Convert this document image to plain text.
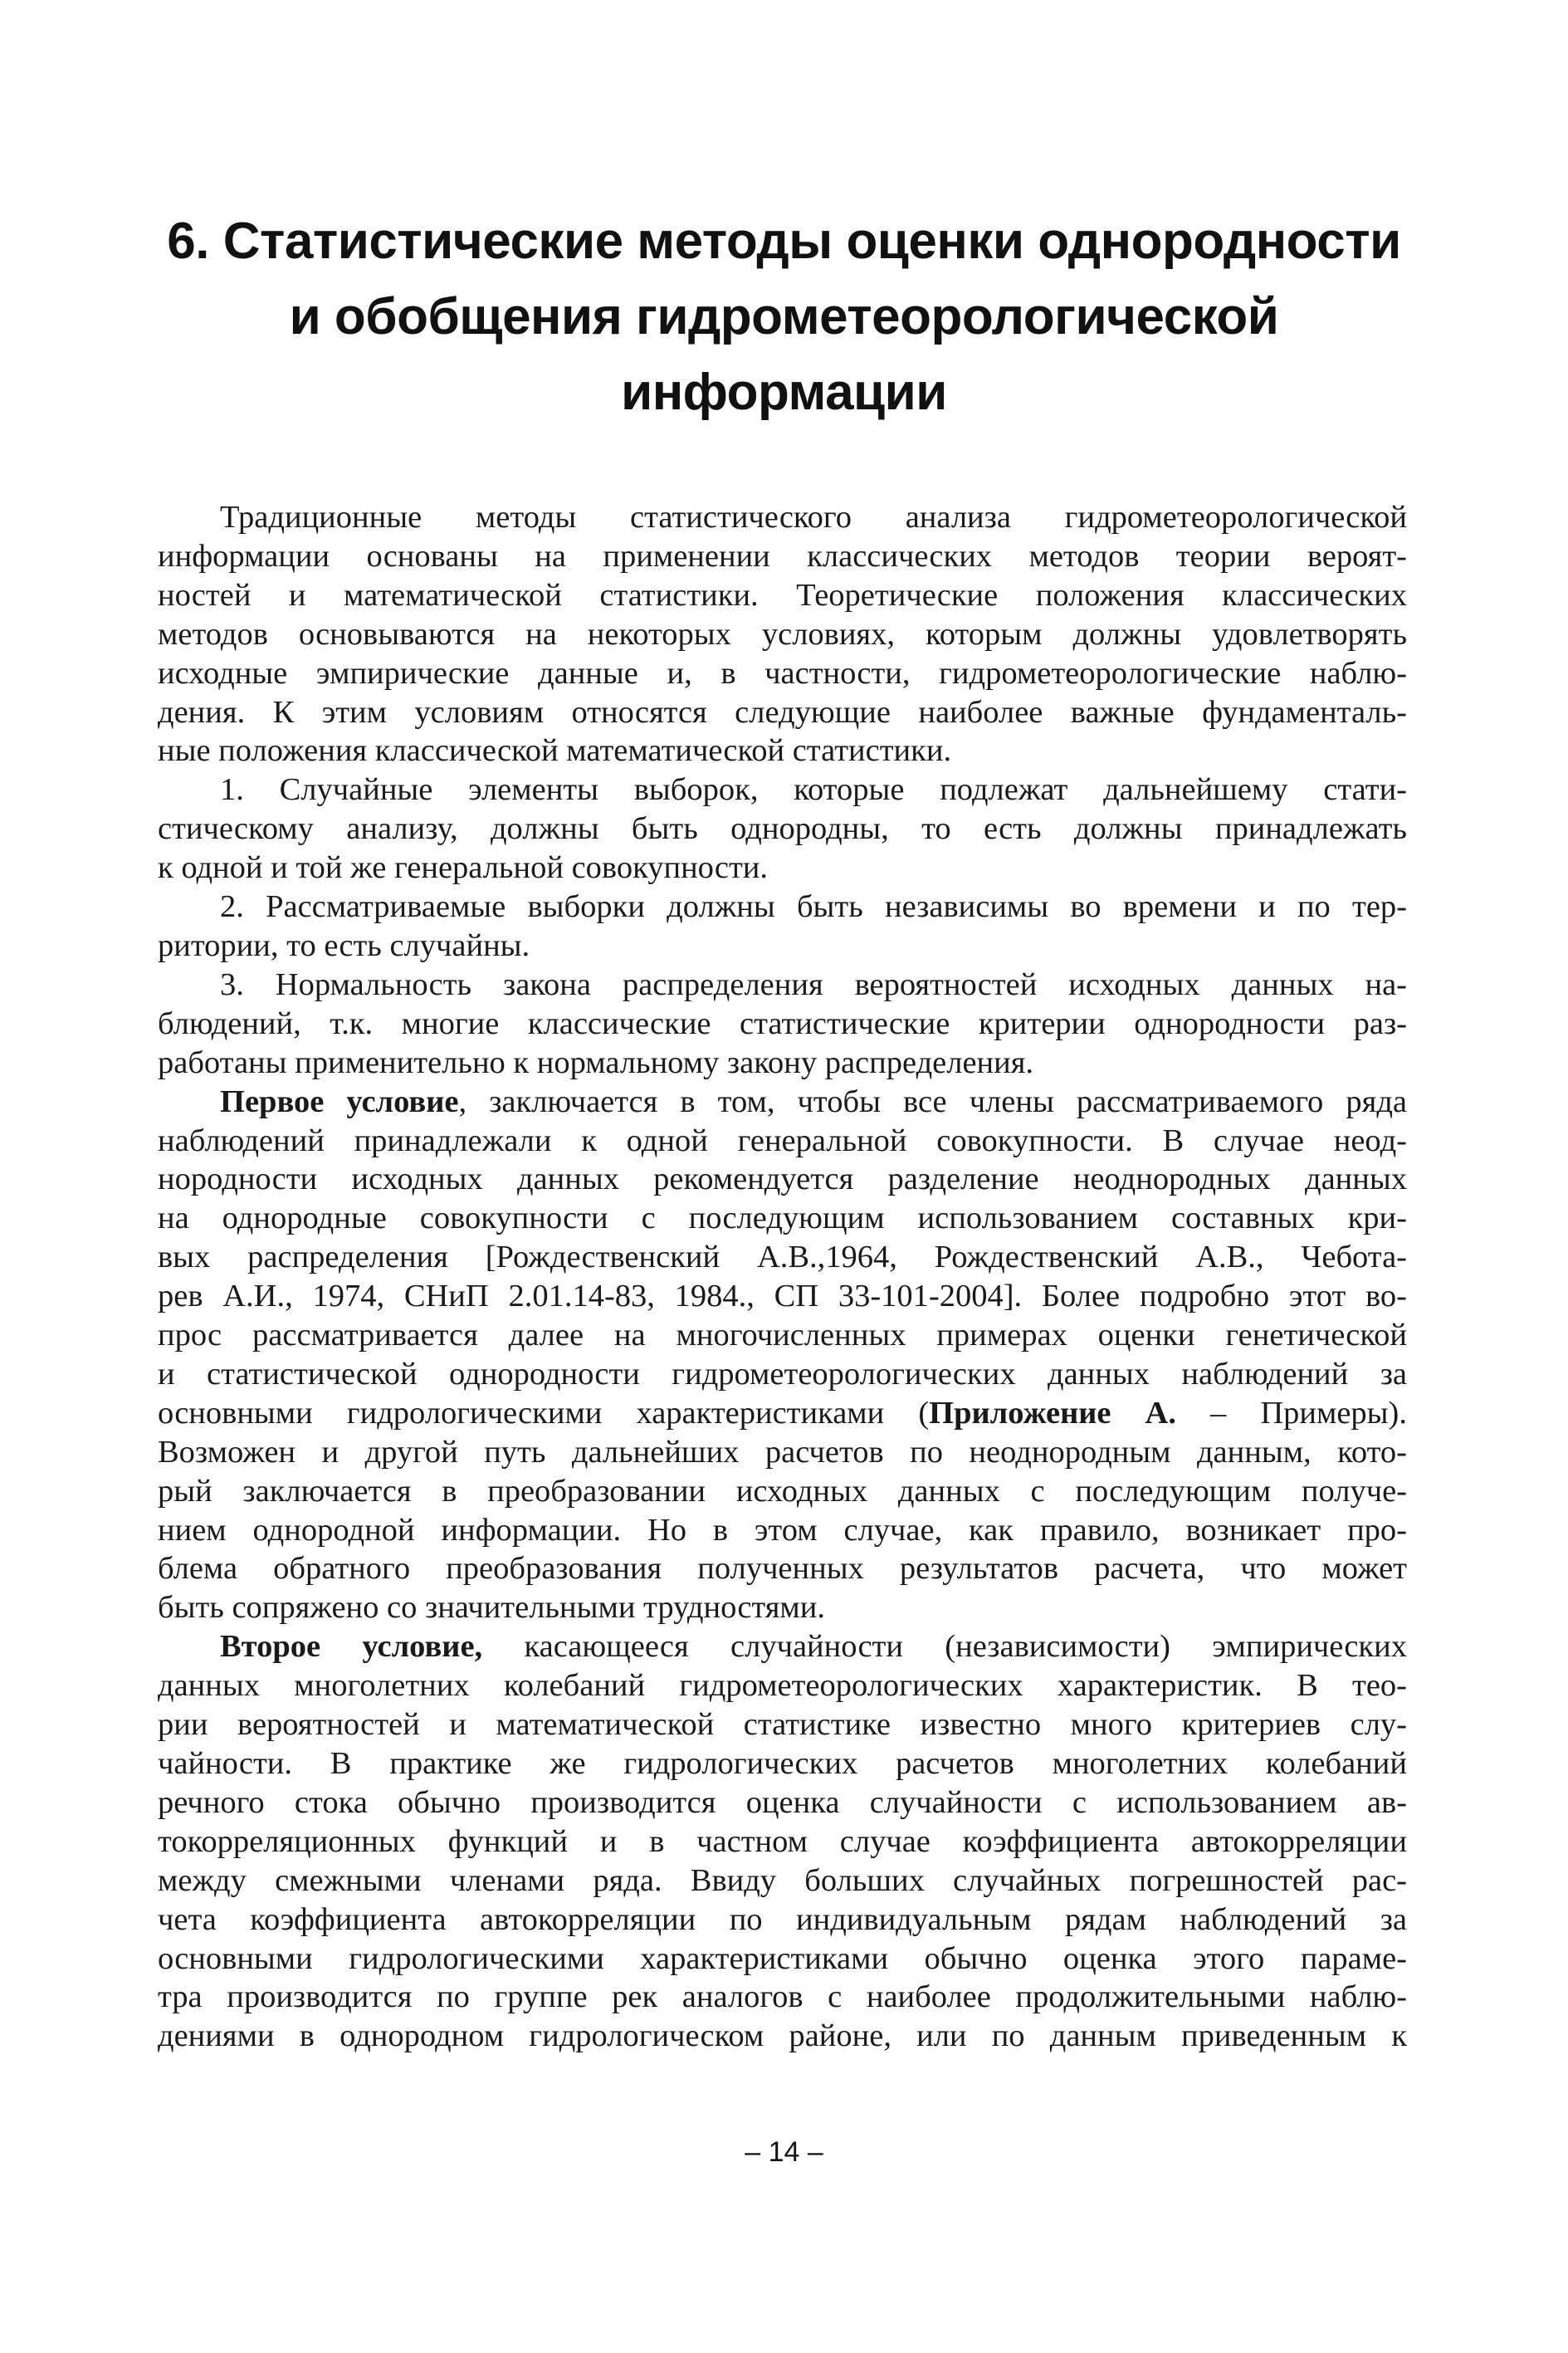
6. Статистические методы оценки однородности
и обобщения гидрометеорологической
информации
Традиционные методы статистического анализа гидрометеорологической
информации основаны на применении классических методов теории вероят-
ностей и математической статистики. Теоретические положения классических
методов основываются на некоторых условиях, которым должны удовлетворять
исходные эмпирические данные и, в частности, гидрометеорологические наблю-
дения. К этим условиям относятся следующие наиболее важные фундаменталь-
ные положения классической математической статистики.
1. Случайные элементы выборок, которые подлежат дальнейшему стати-
стическому анализу, должны быть однородны, то есть должны принадлежать
к одной и той же генеральной совокупности.
2. Рассматриваемые выборки должны быть независимы во времени и по тер-
ритории, то есть случайны.
3. Нормальность закона распределения вероятностей исходных данных на-
блюдений, т.к. многие классические статистические критерии однородности раз-
работаны применительно к нормальному закону распределения.
Первое условие, заключается в том, чтобы все члены рассматриваемого ряда
наблюдений принадлежали к одной генеральной совокупности. В случае неод-
нородности исходных данных рекомендуется разделение неоднородных данных
на однородные совокупности с последующим использованием составных кри-
вых распределения [Рождественский А.В.,1964, Рождественский А.В., Чебота-
рев А.И., 1974, СНиП 2.01.14-83, 1984., СП 33-101-2004]. Более подробно этот во-
прос рассматривается далее на многочисленных примерах оценки генетической
и статистической однородности гидрометеорологических данных наблюдений за
основными гидрологическими характеристиками (Приложение А. – Примеры).
Возможен и другой путь дальнейших расчетов по неоднородным данным, кото-
рый заключается в преобразовании исходных данных с последующим получе-
нием однородной информации. Но в этом случае, как правило, возникает про-
блема обратного преобразования полученных результатов расчета, что может
быть сопряжено со значительными трудностями.
Второе условие, касающееся случайности (независимости) эмпирических
данных многолетних колебаний гидрометеорологических характеристик. В тео-
рии вероятностей и математической статистике известно много критериев слу-
чайности. В практике же гидрологических расчетов многолетних колебаний
речного стока обычно производится оценка случайности с использованием ав-
токорреляционных функций и в частном случае коэффициента автокорреляции
между смежными членами ряда. Ввиду больших случайных погрешностей рас-
чета коэффициента автокорреляции по индивидуальным рядам наблюдений за
основными гидрологическими характеристиками обычно оценка этого параме-
тра производится по группе рек аналогов с наиболее продолжительными наблю-
дениями в однородном гидрологическом районе, или по данным приведенным к
– 14 –
